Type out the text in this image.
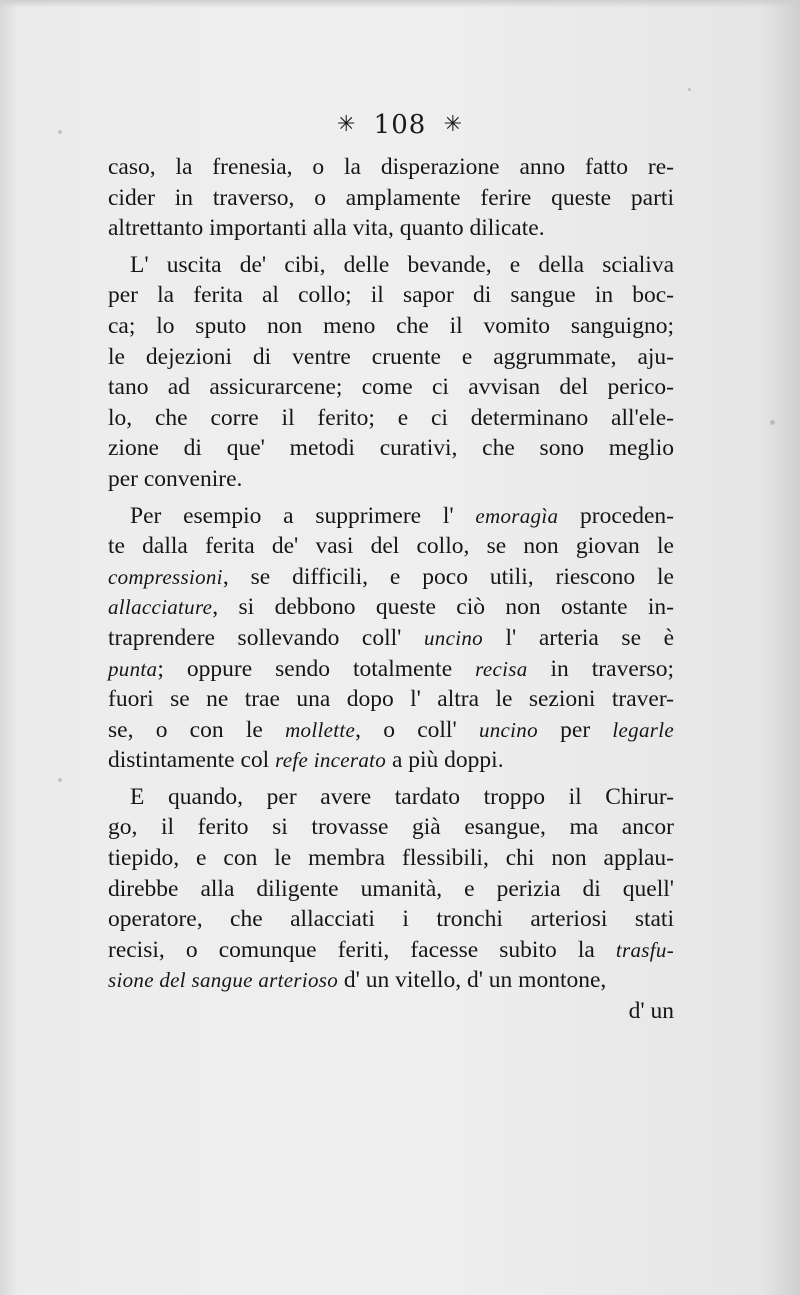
✳ 108 ✳
caso, la frenesia, o la disperazione anno fatto re-
cider in traverso, o amplamente ferire queste parti
altrettanto importanti alla vita, quanto dilicate.
L' uscita de' cibi, delle bevande, e della scialiva
per la ferita al collo; il sapor di sangue in boc-
ca; lo sputo non meno che il vomito sanguigno;
le dejezioni di ventre cruente e aggrummate, aju-
tano ad assicurarcene; come ci avvisan del perico-
lo, che corre il ferito; e ci determinano all'ele-
zione di que' metodi curativi, che sono meglio
per convenire.
Per esempio a supprimere l' emoragìa proceden-
te dalla ferita de' vasi del collo, se non giovan le
compressioni, se difficili, e poco utili, riescono le
allacciature, si debbono queste ciò non ostante in-
traprendere sollevando coll' uncino l' arteria se è
punta; oppure sendo totalmente recisa in traverso;
fuori se ne trae una dopo l' altra le sezioni traver-
se, o con le mollette, o coll' uncino per legarle
distintamente col refe incerato a più doppi.
E quando, per avere tardato troppo il Chirur-
go, il ferito si trovasse già esangue, ma ancor
tiepido, e con le membra flessibili, chi non applau-
direbbe alla diligente umanità, e perizia di quell'
operatore, che allacciati i tronchi arteriosi stati
recisi, o comunque feriti, facesse subito la trasfu-
sione del sangue arterioso d' un vitello, d' un montone,
d' un
